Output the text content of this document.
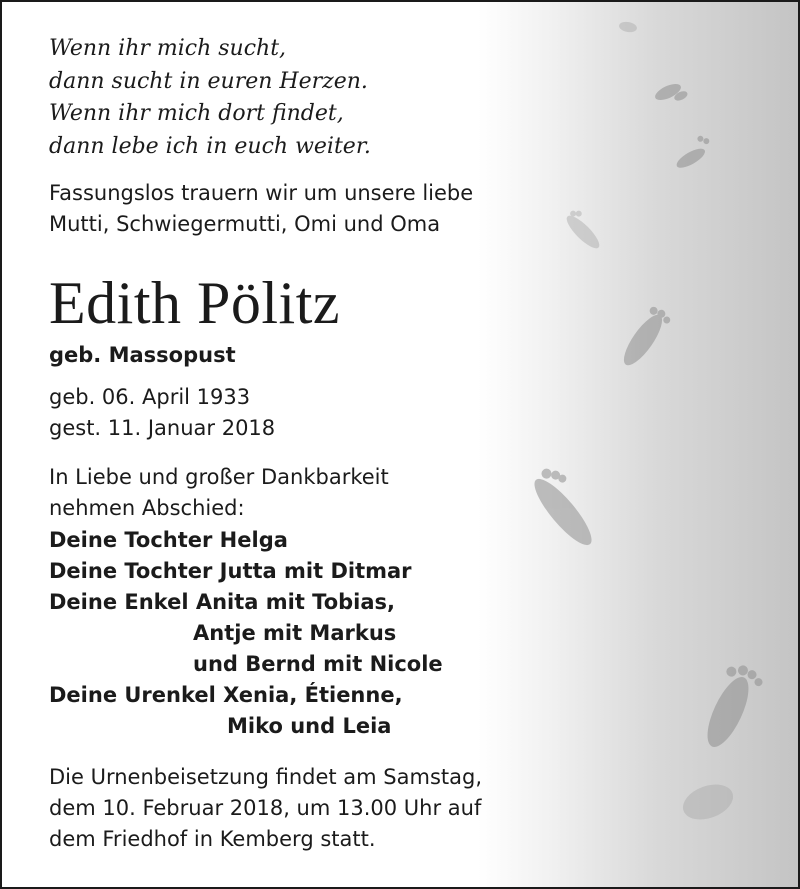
Wenn ihr mich sucht,
dann sucht in euren Herzen.
Wenn ihr mich dort findet,
dann lebe ich in euch weiter.
Fassungslos trauern wir um unsere liebe
Mutti, Schwiegermutti, Omi und Oma
Edith Pölitz
geb. Massopust
geb. 06. April 1933
gest. 11. Januar 2018
In Liebe und großer Dankbarkeit
nehmen Abschied:
Deine Tochter Helga
Deine Tochter Jutta mit Ditmar
Deine Enkel Anita mit Tobias,
Antje mit Markus
und Bernd mit Nicole
Deine Urenkel Xenia, Étienne,
Miko und Leia
Die Urnenbeisetzung findet am Samstag,
dem 10. Februar 2018, um 13.00 Uhr auf
dem Friedhof in Kemberg statt.
